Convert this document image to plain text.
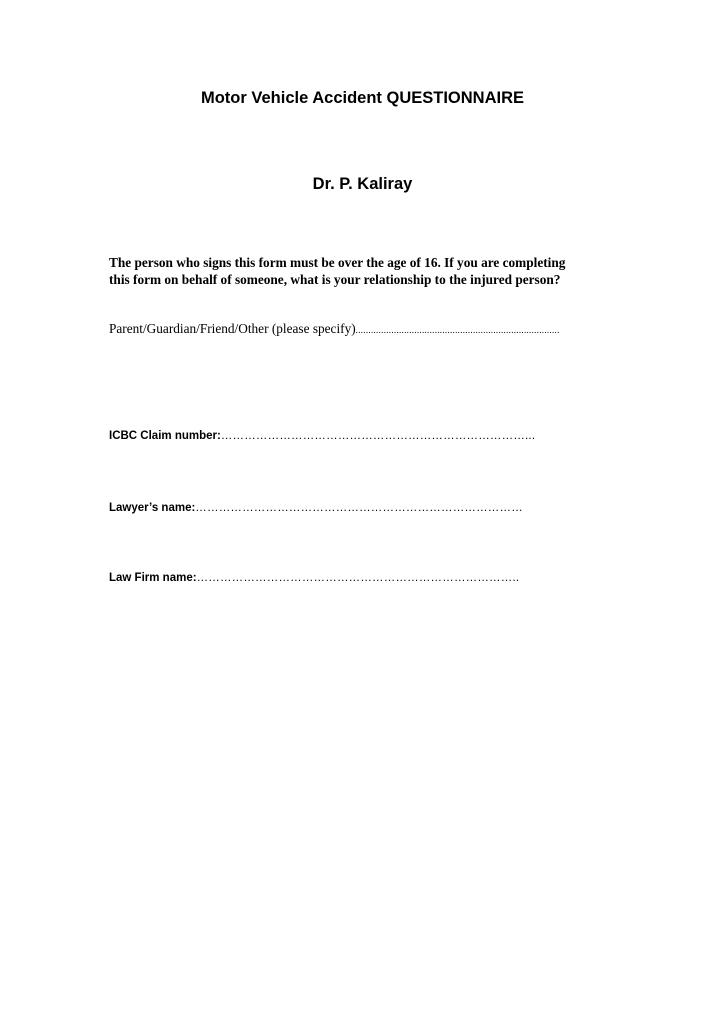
Motor Vehicle Accident QUESTIONNAIRE
Dr. P. Kaliray
The person who signs this form must be over the age of 16. If you are completing
this form on behalf of someone, what is your relationship to the injured person?
Parent/Guardian/Friend/Other (please specify)................................................................................
ICBC Claim number:……………………………………………………………………...
Lawyer’s name:…………………………………………………………………………
Law Firm name:………………………………………………………………………..
